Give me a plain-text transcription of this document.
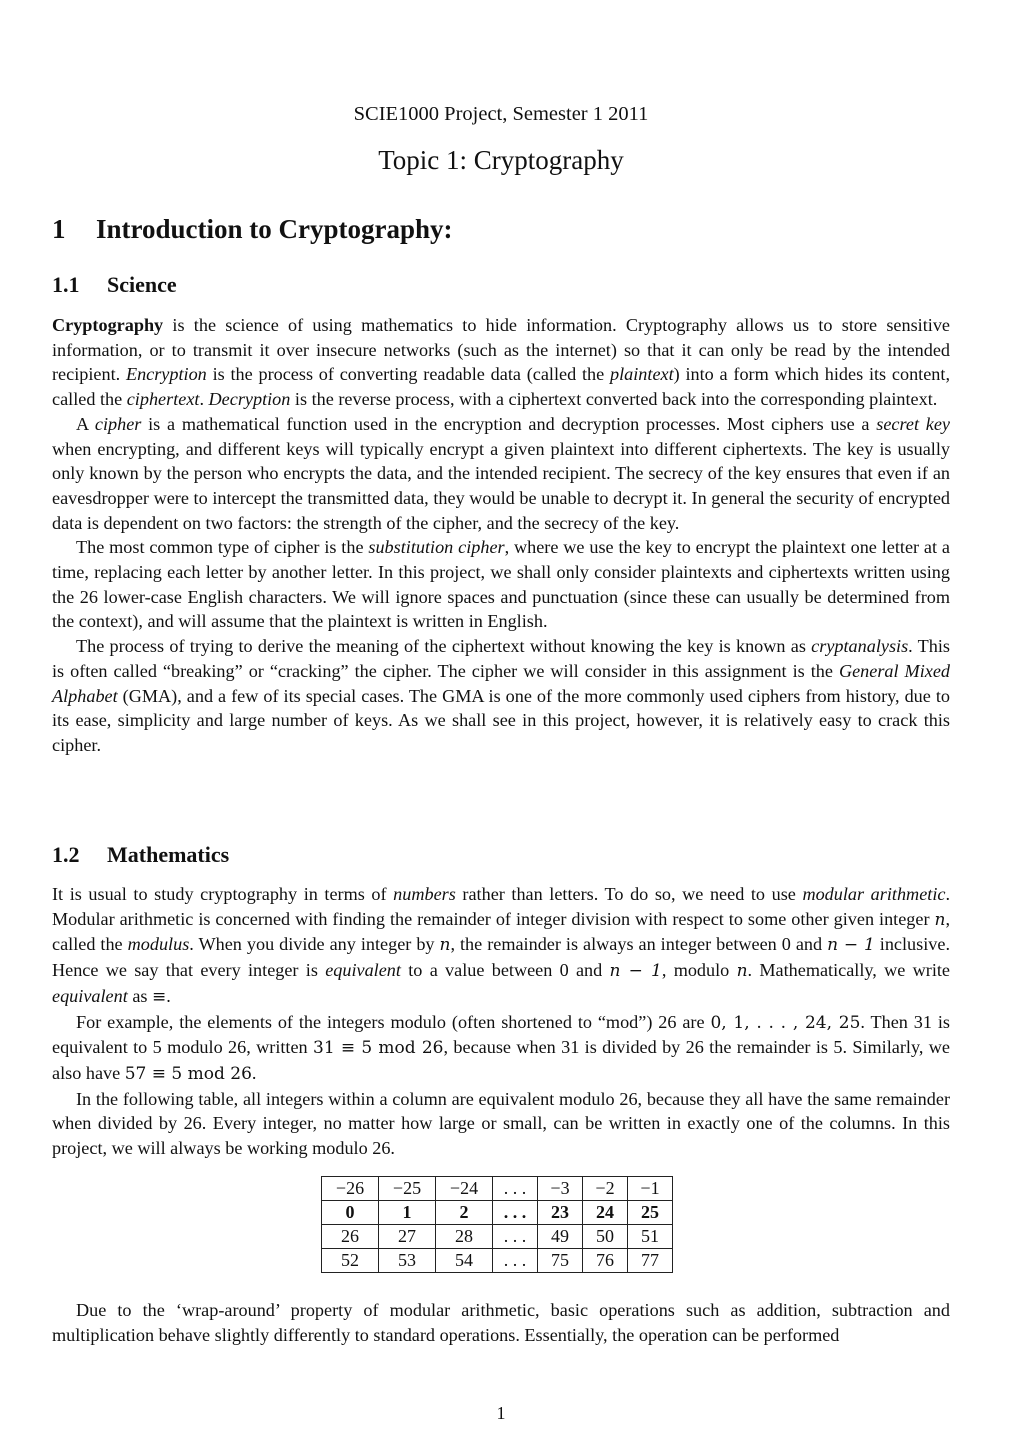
SCIE1000 Project, Semester 1 2011
Topic 1: Cryptography
1 Introduction to Cryptography:
1.1 Science

Cryptography is the science of using mathematics to hide information. Cryptography allows us to store sensitive information, or to transmit it over insecure networks (such as the internet) so that it can only be read by the intended recipient. Encryption is the process of converting readable data (called the plaintext) into a form which hides its content, called the ciphertext. Decryption is the reverse process, with a ciphertext converted back into the corresponding plaintext.

A cipher is a mathematical function used in the encryption and decryption processes. Most ciphers use a secret key when encrypting, and different keys will typically encrypt a given plaintext into different ciphertexts. The key is usually only known by the person who encrypts the data, and the intended recipient. The secrecy of the key ensures that even if an eavesdropper were to intercept the transmitted data, they would be unable to decrypt it. In general the security of encrypted data is dependent on two factors: the strength of the cipher, and the secrecy of the key.

The most common type of cipher is the substitution cipher, where we use the key to encrypt the plaintext one letter at a time, replacing each letter by another letter. In this project, we shall only consider plaintexts and ciphertexts written using the 26 lower-case English characters. We will ignore spaces and punctuation (since these can usually be determined from the context), and will assume that the plaintext is written in English.

The process of trying to derive the meaning of the ciphertext without knowing the key is known as cryptanalysis. This is often called “breaking” or “cracking” the cipher. The cipher we will consider in this assignment is the General Mixed Alphabet (GMA), and a few of its special cases. The GMA is one of the more commonly used ciphers from history, due to its ease, simplicity and large number of keys. As we shall see in this project, however, it is relatively easy to crack this cipher.

1.2 Mathematics

It is usual to study cryptography in terms of numbers rather than letters. To do so, we need to use modular arithmetic. Modular arithmetic is concerned with finding the remainder of integer division with respect to some other given integer n, called the modulus. When you divide any integer by n, the remainder is always an integer between 0 and n − 1 inclusive. Hence we say that every integer is equivalent to a value between 0 and n − 1, modulo n. Mathematically, we write equivalent as ≡.

For example, the elements of the integers modulo (often shortened to “mod”) 26 are 0, 1, . . . , 24, 25. Then 31 is equivalent to 5 modulo 26, written 31 ≡ 5 mod 26, because when 31 is divided by 26 the remainder is 5. Similarly, we also have 57 ≡ 5 mod 26.

In the following table, all integers within a column are equivalent modulo 26, because they all have the same remainder when divided by 26. Every integer, no matter how large or small, can be written in exactly one of the columns. In this project, we will always be working modulo 26.

−26	−25	−24	. . .	−3	−2	−1
0	1	2	. . .	23	24	25
26	27	28	. . .	49	50	51
52	53	54	. . .	75	76	77

Due to the ‘wrap-around’ property of modular arithmetic, basic operations such as addition, subtraction and multiplication behave slightly differently to standard operations. Essentially, the operation can be performed

1
